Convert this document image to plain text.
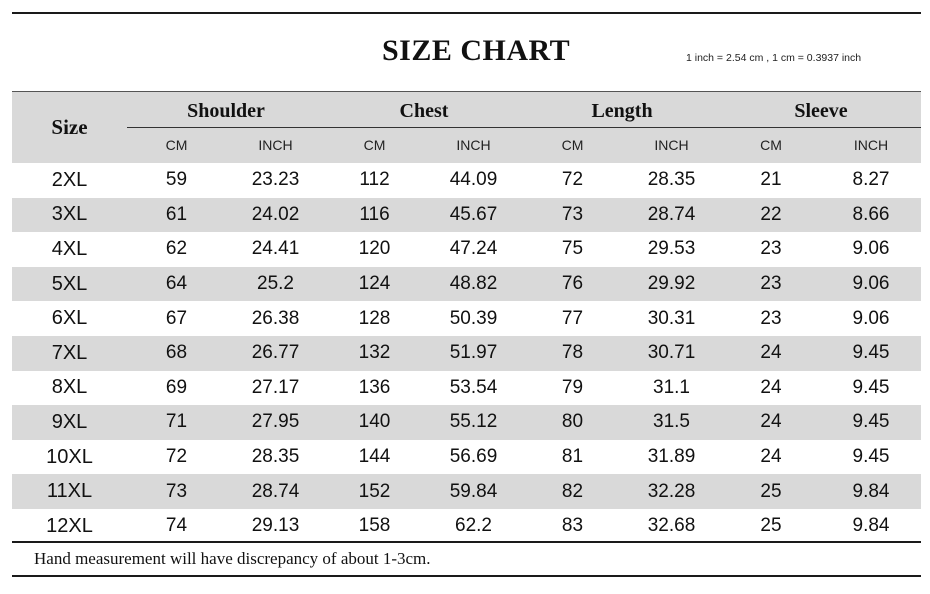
SIZE CHART	1 inch = 2.54 cm , 1 cm = 0.3937 inch
Size
Shoulder	Chest	Length	Sleeve
CM	INCH	CM	INCH	CM	INCH	CM	INCH
2XL	59	23.23	112	44.09	72	28.35	21	8.27
3XL	61	24.02	116	45.67	73	28.74	22	8.66
4XL	62	24.41	120	47.24	75	29.53	23	9.06
5XL	64	25.2	124	48.82	76	29.92	23	9.06
6XL	67	26.38	128	50.39	77	30.31	23	9.06
7XL	68	26.77	132	51.97	78	30.71	24	9.45
8XL	69	27.17	136	53.54	79	31.1	24	9.45
9XL	71	27.95	140	55.12	80	31.5	24	9.45
10XL	72	28.35	144	56.69	81	31.89	24	9.45
11XL	73	28.74	152	59.84	82	32.28	25	9.84
12XL	74	29.13	158	62.2	83	32.68	25	9.84
Hand measurement will have discrepancy of about 1-3cm.
